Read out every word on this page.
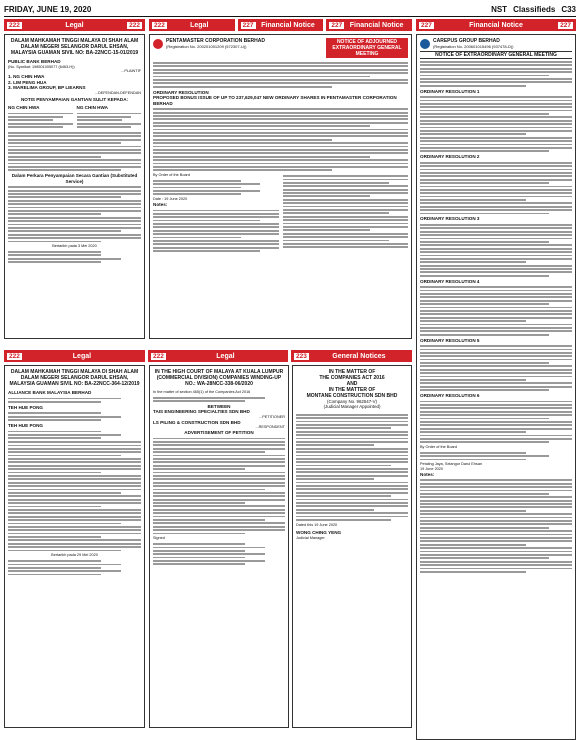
FRIDAY, JUNE 19, 2020	NST Classifieds C33
222	Legal	222
DALAM MAHKAMAH TINGGI MALAYA DI SHAH ALAM DALAM NEGERI SELANGOR DARUL EHSAN, MALAYSIA GUAMAN SIVIL NO: BA-22NCC-15-01/2019
PUBLIC BANK BERHAD
(No. Syarikat: 198501005077 (6463-H))
...PLAINTIF
1. NG CHIN HWA
2. LIM PENG HUA
3. MARELIMA GROUP, BP LIEARNS
...DEFENDAN-DEFENDAN
NOTIS PENYAMPAIAN GANTIAN SULIT KEPADA:
NG CHIN HWA	NG CHIN HWA
Dalam Perkara Penyampaian Secara Gantian (Substituted Service)
Bertarikh pada 3 Mei 2020
222	Legal	227	Financial Notice	227	Financial Notice
PENTAMASTER CORPORATION BERHAD
(Registration No. 200201001209 (572307-U))
NOTICE OF ADJOURNED EXTRAORDINARY GENERAL MEETING
ORDINARY RESOLUTION
PROPOSED BONUS ISSUE OF UP TO 237,629,047 NEW ORDINARY SHARES IN PENTAMASTER CORPORATION BERHAD
By Order of the Board
Date : 19 June 2020
Notes:
227	Financial Notice	227
CAREPUS GROUP BERHAD
(Registration No. 200601015496 (937478-D))
NOTICE OF EXTRAORDINARY GENERAL MEETING
ORDINARY RESOLUTION 1
ORDINARY RESOLUTION 2
ORDINARY RESOLUTION 3
ORDINARY RESOLUTION 4
ORDINARY RESOLUTION 5
ORDINARY RESOLUTION 6
By Order of the Board
Petaling Jaya, Selangor Darul Ehsan
19 June 2020
Notes:
222	Legal	222	Legal	223	General Notices
DALAM MAHKAMAH TINGGI MALAYA DI SHAH ALAM DALAM NEGERI SELANGOR DARUL EHSAN, MALAYSIA GUAMAN SIVIL NO: BA-22NCC-364-12/2019
ALLIANCE BANK MALAYSIA BERHAD
TEH HUE PONG
TEH HUE PONG
Bertarikh pada 29 Mei 2020
IN THE HIGH COURT OF MALAYA AT KUALA LUMPUR (COMMERCIAL DIVISION) COMPANIES WINDING-UP NO.: WA-28NCC-338-06/2020
In the matter of section 465(1) of the Companies Act 2016
BETWEEN
TAIS ENGINEERING SPECIALTIES SDN BHD
...PETITIONER
LS PILING & CONSTRUCTION SDN BHD
...RESPONDENT
ADVERTISEMENT OF PETITION
Signed
IN THE MATTER OF
THE COMPANIES ACT 2016
AND
IN THE MATTER OF
MONTANE CONSTRUCTION SDN BHD
(Company No. 962547-V)
(Judicial Manager Appointed)
Dated this 19 June 2020
WONG CHING YENG
Judicial Manager
